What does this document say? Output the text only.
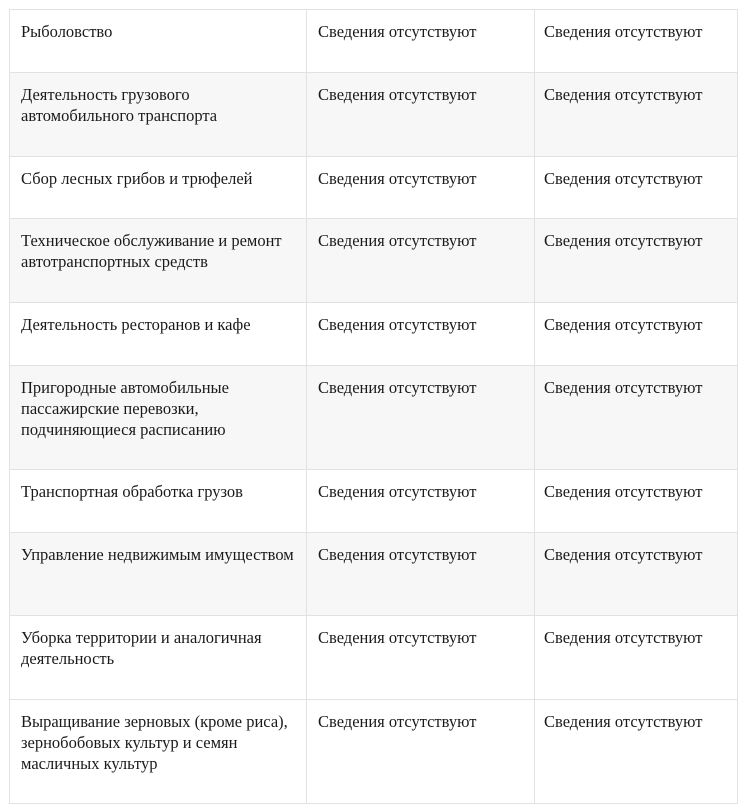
Рыболовство	Сведения отсутствуют	Сведения отсутствуют
Деятельность грузового автомобильного транспорта	Сведения отсутствуют	Сведения отсутствуют
Сбор лесных грибов и трюфелей	Сведения отсутствуют	Сведения отсутствуют
Техническое обслуживание и ремонт автотранспортных средств	Сведения отсутствуют	Сведения отсутствуют
Деятельность ресторанов и кафе	Сведения отсутствуют	Сведения отсутствуют
Пригородные автомобильные пассажирские перевозки, подчиняющиеся расписанию	Сведения отсутствуют	Сведения отсутствуют
Транспортная обработка грузов	Сведения отсутствуют	Сведения отсутствуют
Управление недвижимым имуществом	Сведения отсутствуют	Сведения отсутствуют
Уборка территории и аналогичная деятельность	Сведения отсутствуют	Сведения отсутствуют
Выращивание зерновых (кроме риса), зернобобовых культур и семян масличных культур	Сведения отсутствуют	Сведения отсутствуют
